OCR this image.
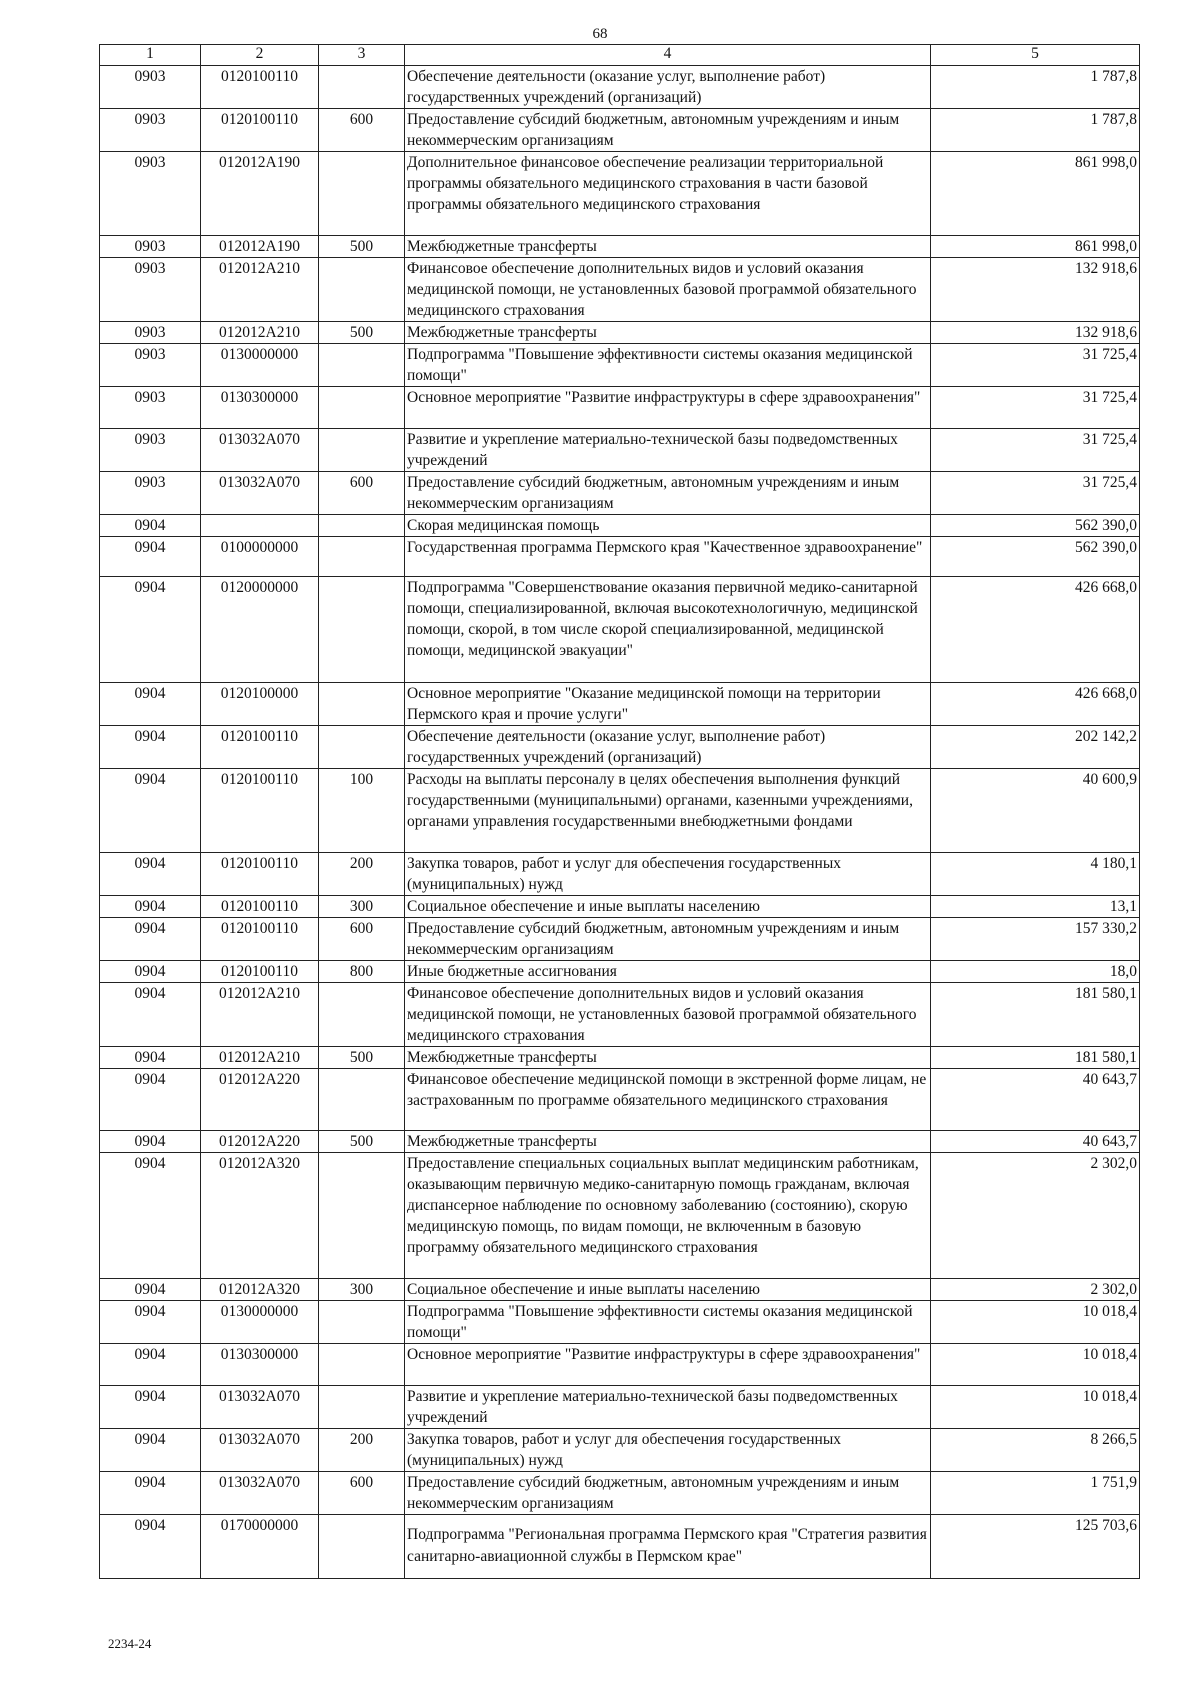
68
1	2	3	4	5
0903	0120100110		Обеспечение деятельности (оказание услуг, выполнение работ) государственных учреждений (организаций)	1 787,8
0903	0120100110	600	Предоставление субсидий бюджетным, автономным учреждениям и иным некоммерческим организациям	1 787,8
0903	012012А190		Дополнительное финансовое обеспечение реализации территориальной программы обязательного медицинского страхования в части базовой программы обязательного медицинского страхования	861 998,0
0903	012012А190	500	Межбюджетные трансферты	861 998,0
0903	012012А210		Финансовое обеспечение дополнительных видов и условий оказания медицинской помощи, не установленных базовой программой обязательного медицинского страхования	132 918,6
0903	012012А210	500	Межбюджетные трансферты	132 918,6
0903	0130000000		Подпрограмма "Повышение эффективности системы оказания медицинской помощи"	31 725,4
0903	0130300000		Основное мероприятие "Развитие инфраструктуры в сфере здравоохранения"	31 725,4
0903	013032А070		Развитие и укрепление материально-технической базы подведомственных учреждений	31 725,4
0903	013032А070	600	Предоставление субсидий бюджетным, автономным учреждениям и иным некоммерческим организациям	31 725,4
0904			Скорая медицинская помощь	562 390,0
0904	0100000000		Государственная программа Пермского края "Качественное здравоохранение"	562 390,0
0904	0120000000		Подпрограмма "Совершенствование оказания первичной медико-санитарной помощи, специализированной, включая высокотехнологичную, медицинской помощи, скорой, в том числе скорой специализированной, медицинской помощи, медицинской эвакуации"	426 668,0
0904	0120100000		Основное мероприятие "Оказание медицинской помощи на территории Пермского края и прочие услуги"	426 668,0
0904	0120100110		Обеспечение деятельности (оказание услуг, выполнение работ) государственных учреждений (организаций)	202 142,2
0904	0120100110	100	Расходы на выплаты персоналу в целях обеспечения выполнения функций государственными (муниципальными) органами, казенными учреждениями, органами управления государственными внебюджетными фондами	40 600,9
0904	0120100110	200	Закупка товаров, работ и услуг для обеспечения государственных (муниципальных) нужд	4 180,1
0904	0120100110	300	Социальное обеспечение и иные выплаты населению	13,1
0904	0120100110	600	Предоставление субсидий бюджетным, автономным учреждениям и иным некоммерческим организациям	157 330,2
0904	0120100110	800	Иные бюджетные ассигнования	18,0
0904	012012А210		Финансовое обеспечение дополнительных видов и условий оказания медицинской помощи, не установленных базовой программой обязательного медицинского страхования	181 580,1
0904	012012А210	500	Межбюджетные трансферты	181 580,1
0904	012012А220		Финансовое обеспечение медицинской помощи в экстренной форме лицам, не застрахованным по программе обязательного медицинского страхования	40 643,7
0904	012012А220	500	Межбюджетные трансферты	40 643,7
0904	012012А320		Предоставление специальных социальных выплат медицинским работникам, оказывающим первичную медико-санитарную помощь гражданам, включая диспансерное наблюдение по основному заболеванию (состоянию), скорую медицинскую помощь, по видам помощи, не включенным в базовую программу обязательного медицинского страхования	2 302,0
0904	012012А320	300	Социальное обеспечение и иные выплаты населению	2 302,0
0904	0130000000		Подпрограмма "Повышение эффективности системы оказания медицинской помощи"	10 018,4
0904	0130300000		Основное мероприятие "Развитие инфраструктуры в сфере здравоохранения"	10 018,4
0904	013032А070		Развитие и укрепление материально-технической базы подведомственных учреждений	10 018,4
0904	013032А070	200	Закупка товаров, работ и услуг для обеспечения государственных (муниципальных) нужд	8 266,5
0904	013032А070	600	Предоставление субсидий бюджетным, автономным учреждениям и иным некоммерческим организациям	1 751,9
0904	0170000000		Подпрограмма "Региональная программа Пермского края "Стратегия развития санитарно-авиационной службы в Пермском крае"	125 703,6
2234-24
